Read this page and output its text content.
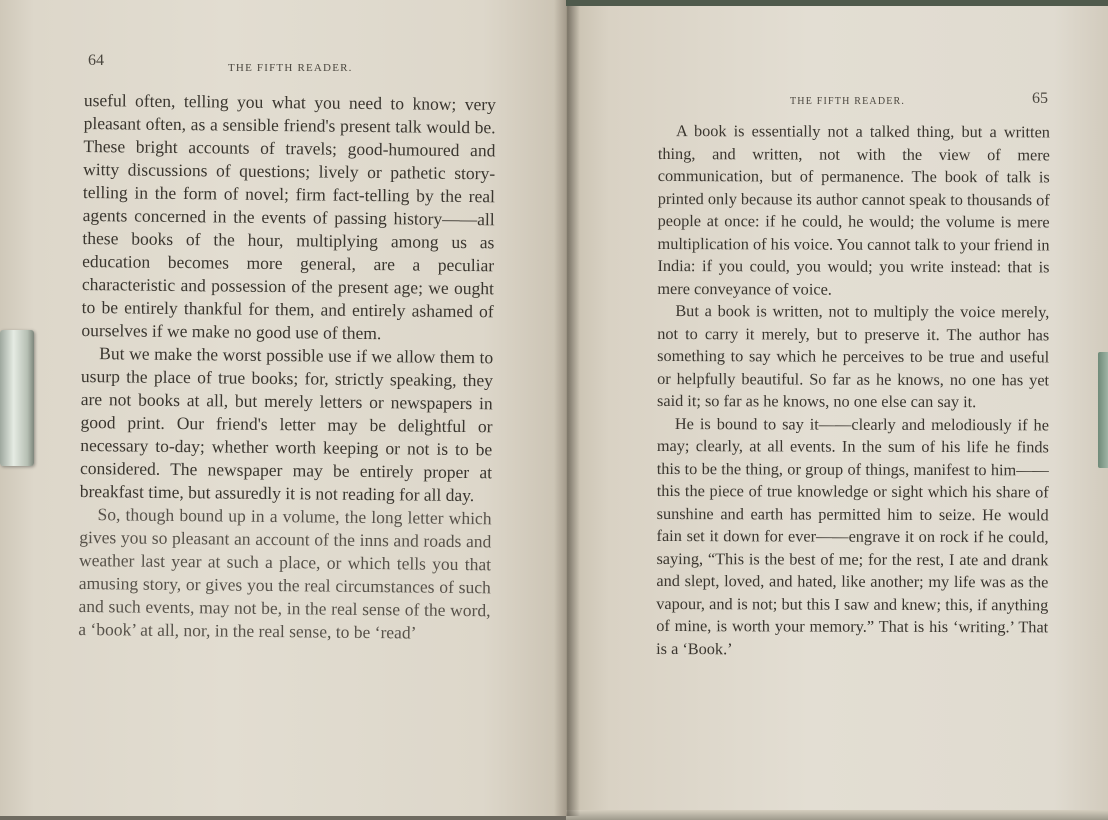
64	THE FIFTH READER.

useful often, telling you what you need to know; very pleasant often, as a sensible friend's present talk would be. These bright accounts of travels; good-humoured and witty discussions of questions; lively or pathetic story-telling in the form of novel; firm fact-telling by the real agents concerned in the events of passing history——all these books of the hour, multiplying among us as education becomes more general, are a peculiar characteristic and possession of the present age; we ought to be entirely thankful for them, and entirely ashamed of ourselves if we make no good use of them.

But we make the worst possible use if we allow them to usurp the place of true books; for, strictly speaking, they are not books at all, but merely letters or newspapers in good print. Our friend's letter may be delightful or necessary to-day; whether worth keeping or not is to be considered. The newspaper may be entirely proper at breakfast time, but assuredly it is not reading for all day.

So, though bound up in a volume, the long letter which gives you so pleasant an account of the inns and roads and weather last year at such a place, or which tells you that amusing story, or gives you the real circumstances of such and such events, may not be, in the real sense of the word, a ‘book’ at all, nor, in the real sense, to be ‘read’

THE FIFTH READER.	65

A book is essentially not a talked thing, but a written thing, and written, not with the view of mere communication, but of permanence. The book of talk is printed only because its author cannot speak to thousands of people at once: if he could, he would; the volume is mere multiplication of his voice. You cannot talk to your friend in India: if you could, you would; you write instead: that is mere conveyance of voice.

But a book is written, not to multiply the voice merely, not to carry it merely, but to preserve it. The author has something to say which he perceives to be true and useful or helpfully beautiful. So far as he knows, no one has yet said it; so far as he knows, no one else can say it.

He is bound to say it——clearly and melodiously if he may; clearly, at all events. In the sum of his life he finds this to be the thing, or group of things, manifest to him——this the piece of true knowledge or sight which his share of sunshine and earth has permitted him to seize. He would fain set it down for ever——engrave it on rock if he could, saying, “This is the best of me; for the rest, I ate and drank and slept, loved, and hated, like another; my life was as the vapour, and is not; but this I saw and knew; this, if anything of mine, is worth your memory.” That is his ‘writing.’ That is a ‘Book.’
